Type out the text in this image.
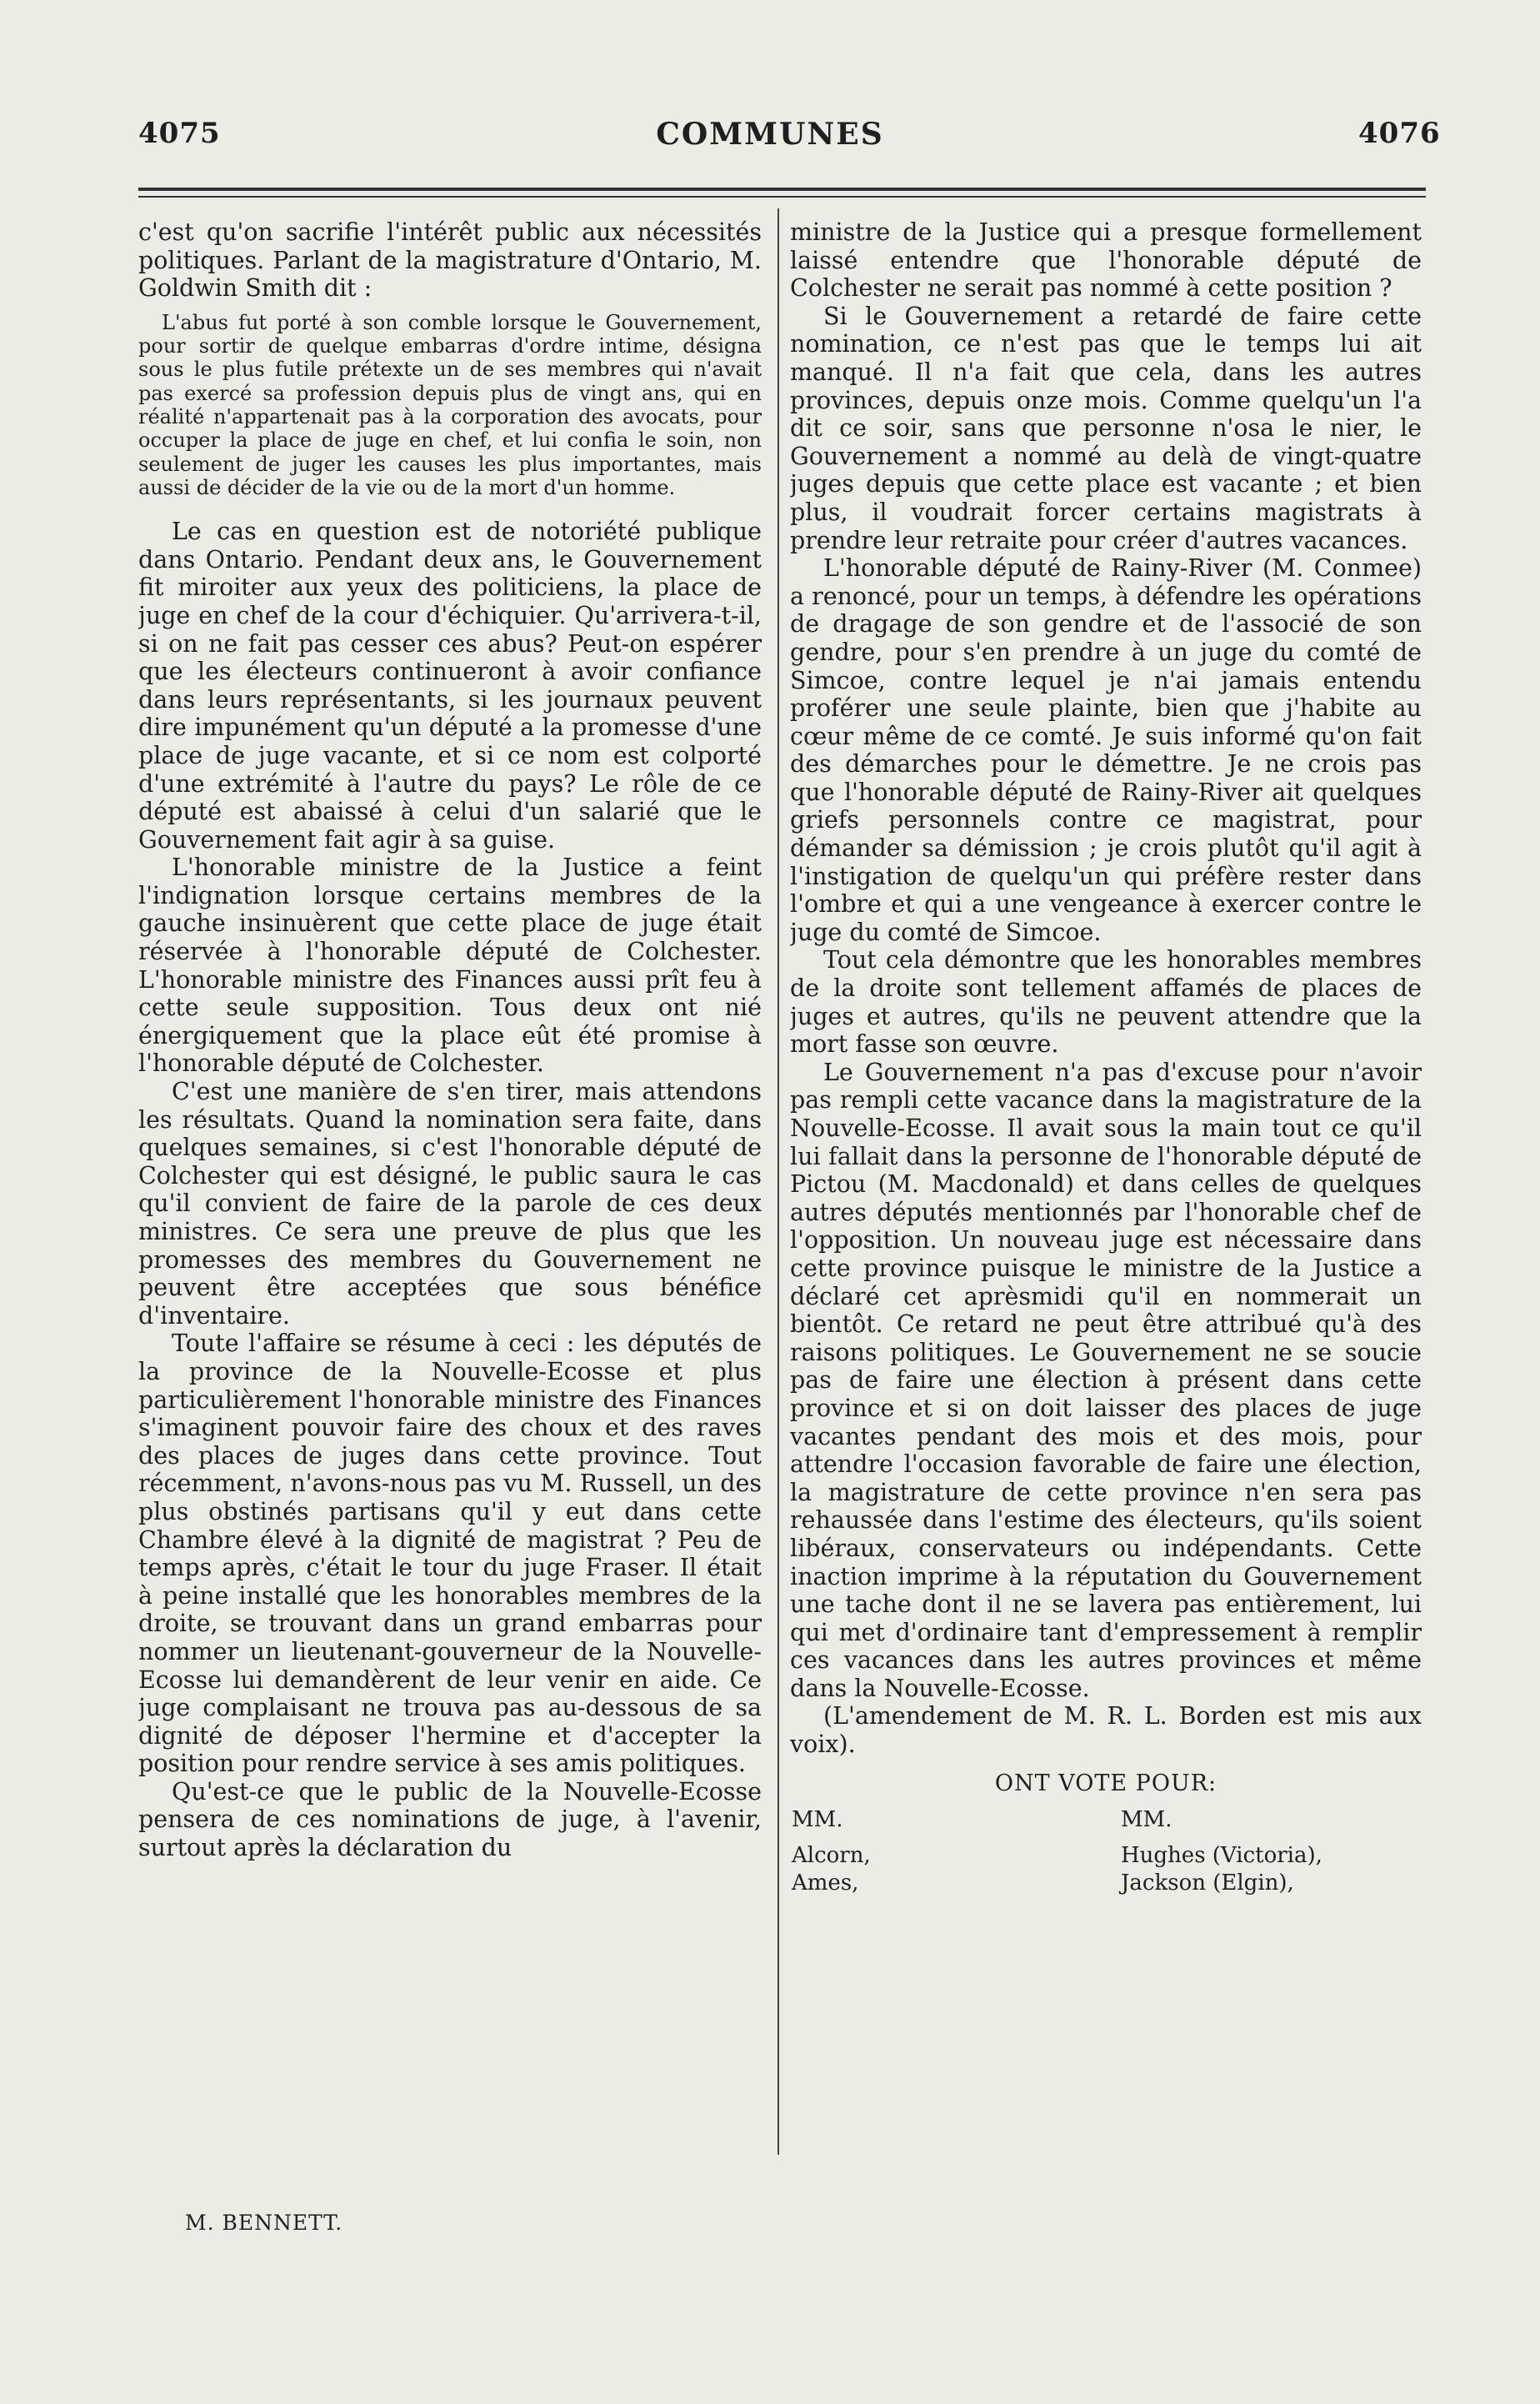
4075	COMMUNES	4076

c'est qu'on sacrifie l'intérêt public aux nécessités politiques. Parlant de la magistrature d'Ontario, M. Goldwin Smith dit :

L'abus fut porté à son comble lorsque le Gouvernement, pour sortir de quelque embarras d'ordre intime, désigna sous le plus futile prétexte un de ses membres qui n'avait pas exercé sa profession depuis plus de vingt ans, qui en réalité n'appartenait pas à la corporation des avocats, pour occuper la place de juge en chef, et lui confia le soin, non seulement de juger les causes les plus importantes, mais aussi de décider de la vie ou de la mort d'un homme.

Le cas en question est de notoriété publique dans Ontario. Pendant deux ans, le Gouvernement fit miroiter aux yeux des politiciens, la place de juge en chef de la cour d'échiquier. Qu'arrivera-t-il, si on ne fait pas cesser ces abus? Peut-on espérer que les électeurs continueront à avoir confiance dans leurs représentants, si les journaux peuvent dire impunément qu'un député a la promesse d'une place de juge vacante, et si ce nom est colporté d'une extrémité à l'autre du pays? Le rôle de ce député est abaissé à celui d'un salarié que le Gouvernement fait agir à sa guise.

L'honorable ministre de la Justice a feint l'indignation lorsque certains membres de la gauche insinuèrent que cette place de juge était réservée à l'honorable député de Colchester. L'honorable ministre des Finances aussi prît feu à cette seule supposition. Tous deux ont nié énergiquement que la place eût été promise à l'honorable député de Colchester.

C'est une manière de s'en tirer, mais attendons les résultats. Quand la nomination sera faite, dans quelques semaines, si c'est l'honorable député de Colchester qui est désigné, le public saura le cas qu'il convient de faire de la parole de ces deux ministres. Ce sera une preuve de plus que les promesses des membres du Gouvernement ne peuvent être acceptées que sous bénéfice d'inventaire.

Toute l'affaire se résume à ceci : les députés de la province de la Nouvelle-Ecosse et plus particulièrement l'honorable ministre des Finances s'imaginent pouvoir faire des choux et des raves des places de juges dans cette province. Tout récemment, n'avons-nous pas vu M. Russell, un des plus obstinés partisans qu'il y eut dans cette Chambre élevé à la dignité de magistrat ? Peu de temps après, c'était le tour du juge Fraser. Il était à peine installé que les honorables membres de la droite, se trouvant dans un grand embarras pour nommer un lieutenant-gouverneur de la Nouvelle-Ecosse lui demandèrent de leur venir en aide. Ce juge complaisant ne trouva pas au-dessous de sa dignité de déposer l'hermine et d'accepter la position pour rendre service à ses amis politiques.

Qu'est-ce que le public de la Nouvelle-Ecosse pensera de ces nominations de juge, à l'avenir, surtout après la déclaration du

M. BENNETT.

ministre de la Justice qui a presque formellement laissé entendre que l'honorable député de Colchester ne serait pas nommé à cette position ?

Si le Gouvernement a retardé de faire cette nomination, ce n'est pas que le temps lui ait manqué. Il n'a fait que cela, dans les autres provinces, depuis onze mois. Comme quelqu'un l'a dit ce soir, sans que personne n'osa le nier, le Gouvernement a nommé au delà de vingt-quatre juges depuis que cette place est vacante ; et bien plus, il voudrait forcer certains magistrats à prendre leur retraite pour créer d'autres vacances.

L'honorable député de Rainy-River (M. Conmee) a renoncé, pour un temps, à défendre les opérations de dragage de son gendre et de l'associé de son gendre, pour s'en prendre à un juge du comté de Simcoe, contre lequel je n'ai jamais entendu proférer une seule plainte, bien que j'habite au cœur même de ce comté. Je suis informé qu'on fait des démarches pour le démettre. Je ne crois pas que l'honorable député de Rainy-River ait quelques griefs personnels contre ce magistrat, pour démander sa démission ; je crois plutôt qu'il agit à l'instigation de quelqu'un qui préfère rester dans l'ombre et qui a une vengeance à exercer contre le juge du comté de Simcoe.

Tout cela démontre que les honorables membres de la droite sont tellement affamés de places de juges et autres, qu'ils ne peuvent attendre que la mort fasse son œuvre.

Le Gouvernement n'a pas d'excuse pour n'avoir pas rempli cette vacance dans la magistrature de la Nouvelle-Ecosse. Il avait sous la main tout ce qu'il lui fallait dans la personne de l'honorable député de Pictou (M. Macdonald) et dans celles de quelques autres députés mentionnés par l'honorable chef de l'opposition. Un nouveau juge est nécessaire dans cette province puisque le ministre de la Justice a déclaré cet aprèsmidi qu'il en nommerait un bientôt. Ce retard ne peut être attribué qu'à des raisons politiques. Le Gouvernement ne se soucie pas de faire une élection à présent dans cette province et si on doit laisser des places de juge vacantes pendant des mois et des mois, pour attendre l'occasion favorable de faire une élection, la magistrature de cette province n'en sera pas rehaussée dans l'estime des électeurs, qu'ils soient libéraux, conservateurs ou indépendants. Cette inaction imprime à la réputation du Gouvernement une tache dont il ne se lavera pas entièrement, lui qui met d'ordinaire tant d'empressement à remplir ces vacances dans les autres provinces et même dans la Nouvelle-Ecosse.

(L'amendement de M. R. L. Borden est mis aux voix).

ONT VOTE POUR:
MM.
Alcorn,
Ames,
MM.
Hughes (Victoria),
Jackson (Elgin),
